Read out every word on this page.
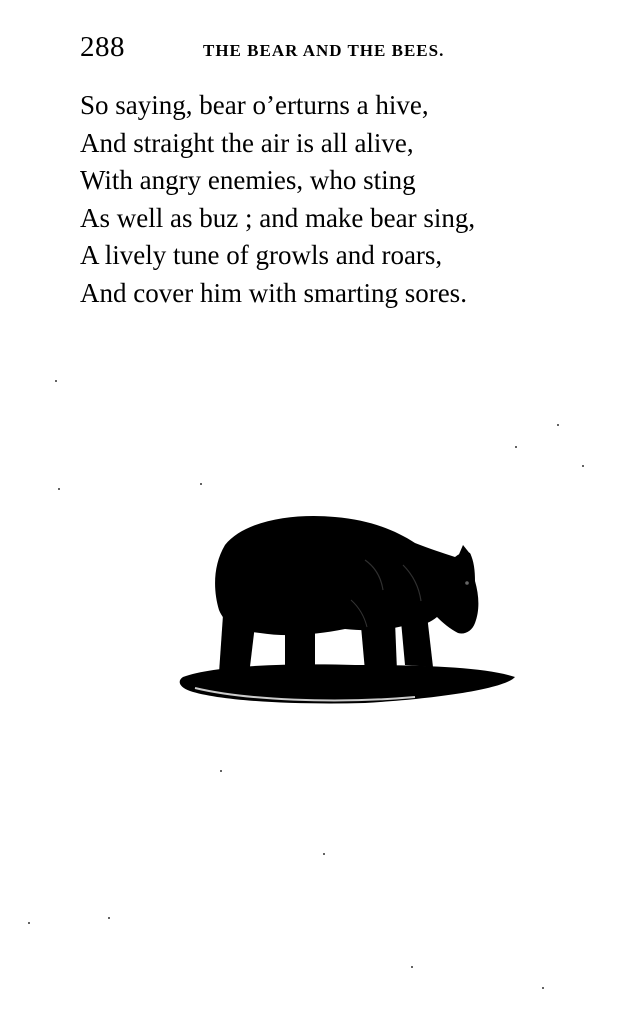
288	THE BEAR AND THE BEES.
So saying, bear o’erturns a hive,
And straight the air is all alive,
With angry enemies, who sting
As well as buz ; and make bear sing,
A lively tune of growls and roars,
And cover him with smarting sores.
